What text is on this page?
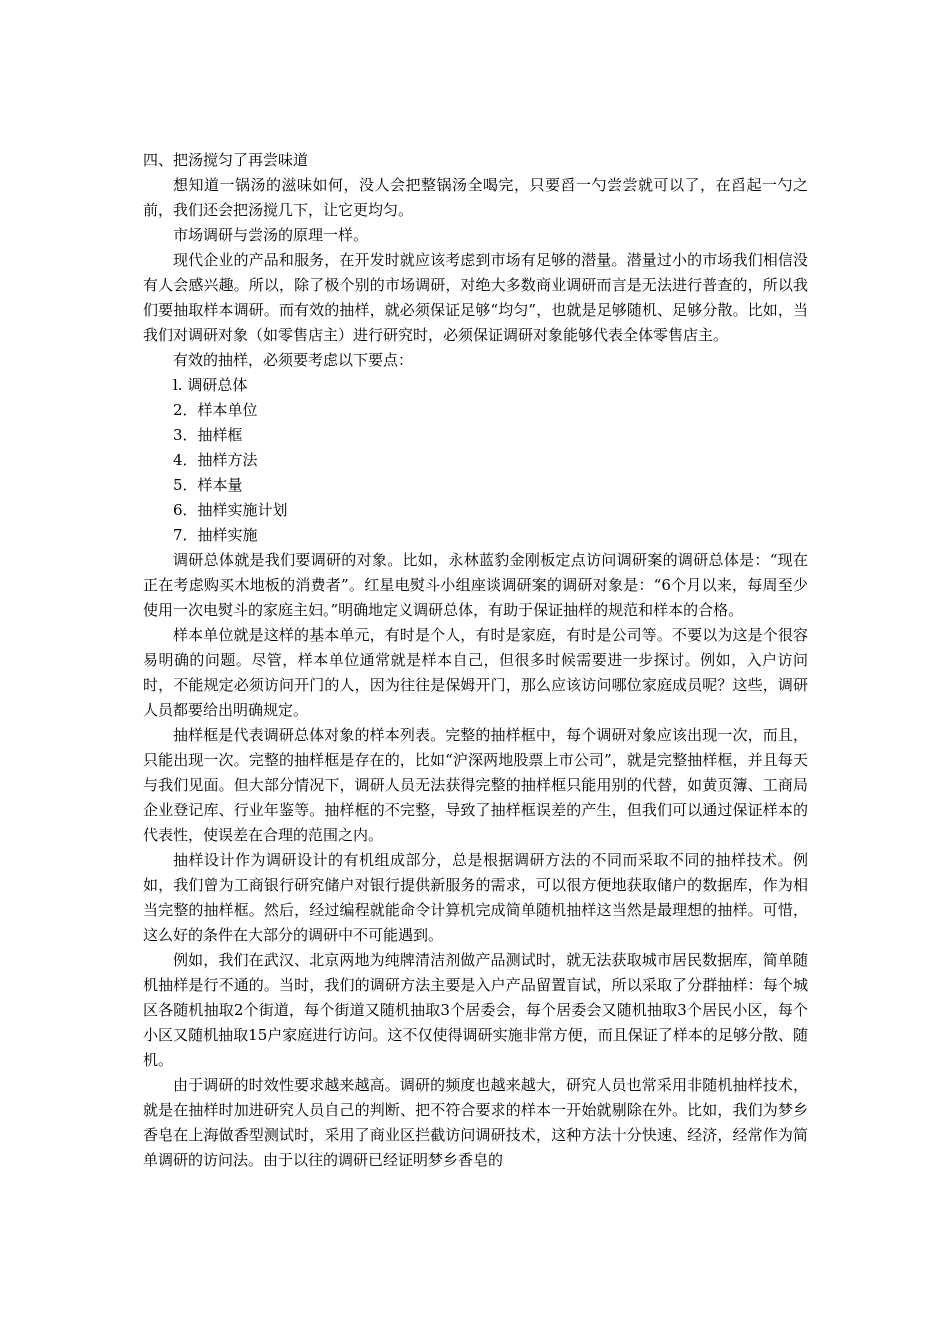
四、把汤搅匀了再尝味道

想知道一锅汤的滋味如何，没人会把整锅汤全喝完，只要舀一勺尝尝就可以了，在舀起一勺之前，我们还会把汤搅几下，让它更均匀。

市场调研与尝汤的原理一样。

现代企业的产品和服务，在开发时就应该考虑到市场有足够的潜量。潜量过小的市场我们相信没有人会感兴趣。所以，除了极个别的市场调研，对绝大多数商业调研而言是无法进行普查的，所以我们要抽取样本调研。而有效的抽样，就必须保证足够“均匀”，也就是足够随机、足够分散。比如，当我们对调研对象（如零售店主）进行研究时，必须保证调研对象能够代表全体零售店主。

有效的抽样，必须要考虑以下要点：

l. 调研总体

2．样本单位

3．抽样框

4．抽样方法

5．样本量

6．抽样实施计划

7．抽样实施

调研总体就是我们要调研的对象。比如，永林蓝豹金刚板定点访问调研案的调研总体是：“现在正在考虑购买木地板的消费者”。红星电熨斗小组座谈调研案的调研对象是：“6个月以来，每周至少使用一次电熨斗的家庭主妇。”明确地定义调研总体，有助于保证抽样的规范和样本的合格。

样本单位就是这样的基本单元，有时是个人，有时是家庭，有时是公司等。不要以为这是个很容易明确的问题。尽管，样本单位通常就是样本自己，但很多时候需要进一步探讨。例如，入户访问时，不能规定必须访问开门的人，因为往往是保姆开门，那么应该访问哪位家庭成员呢？这些，调研人员都要给出明确规定。

抽样框是代表调研总体对象的样本列表。完整的抽样框中，每个调研对象应该出现一次，而且，只能出现一次。完整的抽样框是存在的，比如“沪深两地股票上市公司”，就是完整抽样框，并且每天与我们见面。但大部分情况下，调研人员无法获得完整的抽样框只能用别的代替，如黄页簿、工商局企业登记库、行业年鉴等。抽样框的不完整，导致了抽样框误差的产生，但我们可以通过保证样本的代表性，使误差在合理的范围之内。

抽样设计作为调研设计的有机组成部分，总是根据调研方法的不同而采取不同的抽样技术。例如，我们曾为工商银行研究储户对银行提供新服务的需求，可以很方便地获取储户的数据库，作为相当完整的抽样框。然后，经过编程就能命令计算机完成简单随机抽样这当然是最理想的抽样。可惜，这么好的条件在大部分的调研中不可能遇到。

例如，我们在武汉、北京两地为纯牌清洁剂做产品测试时，就无法获取城市居民数据库，简单随机抽样是行不通的。当时，我们的调研方法主要是入户产品留置盲试，所以采取了分群抽样：每个城区各随机抽取2个街道，每个街道又随机抽取3个居委会，每个居委会又随机抽取3个居民小区，每个小区又随机抽取15户家庭进行访问。这不仅使得调研实施非常方便，而且保证了样本的足够分散、随机。

由于调研的时效性要求越来越高。调研的频度也越来越大，研究人员也常采用非随机抽样技术，就是在抽样时加进研究人员自己的判断、把不符合要求的样本一开始就剔除在外。比如，我们为梦乡香皂在上海做香型测试时，采用了商业区拦截访问调研技术，这种方法十分快速、经济，经常作为简单调研的访问法。由于以往的调研已经证明梦乡香皂的
